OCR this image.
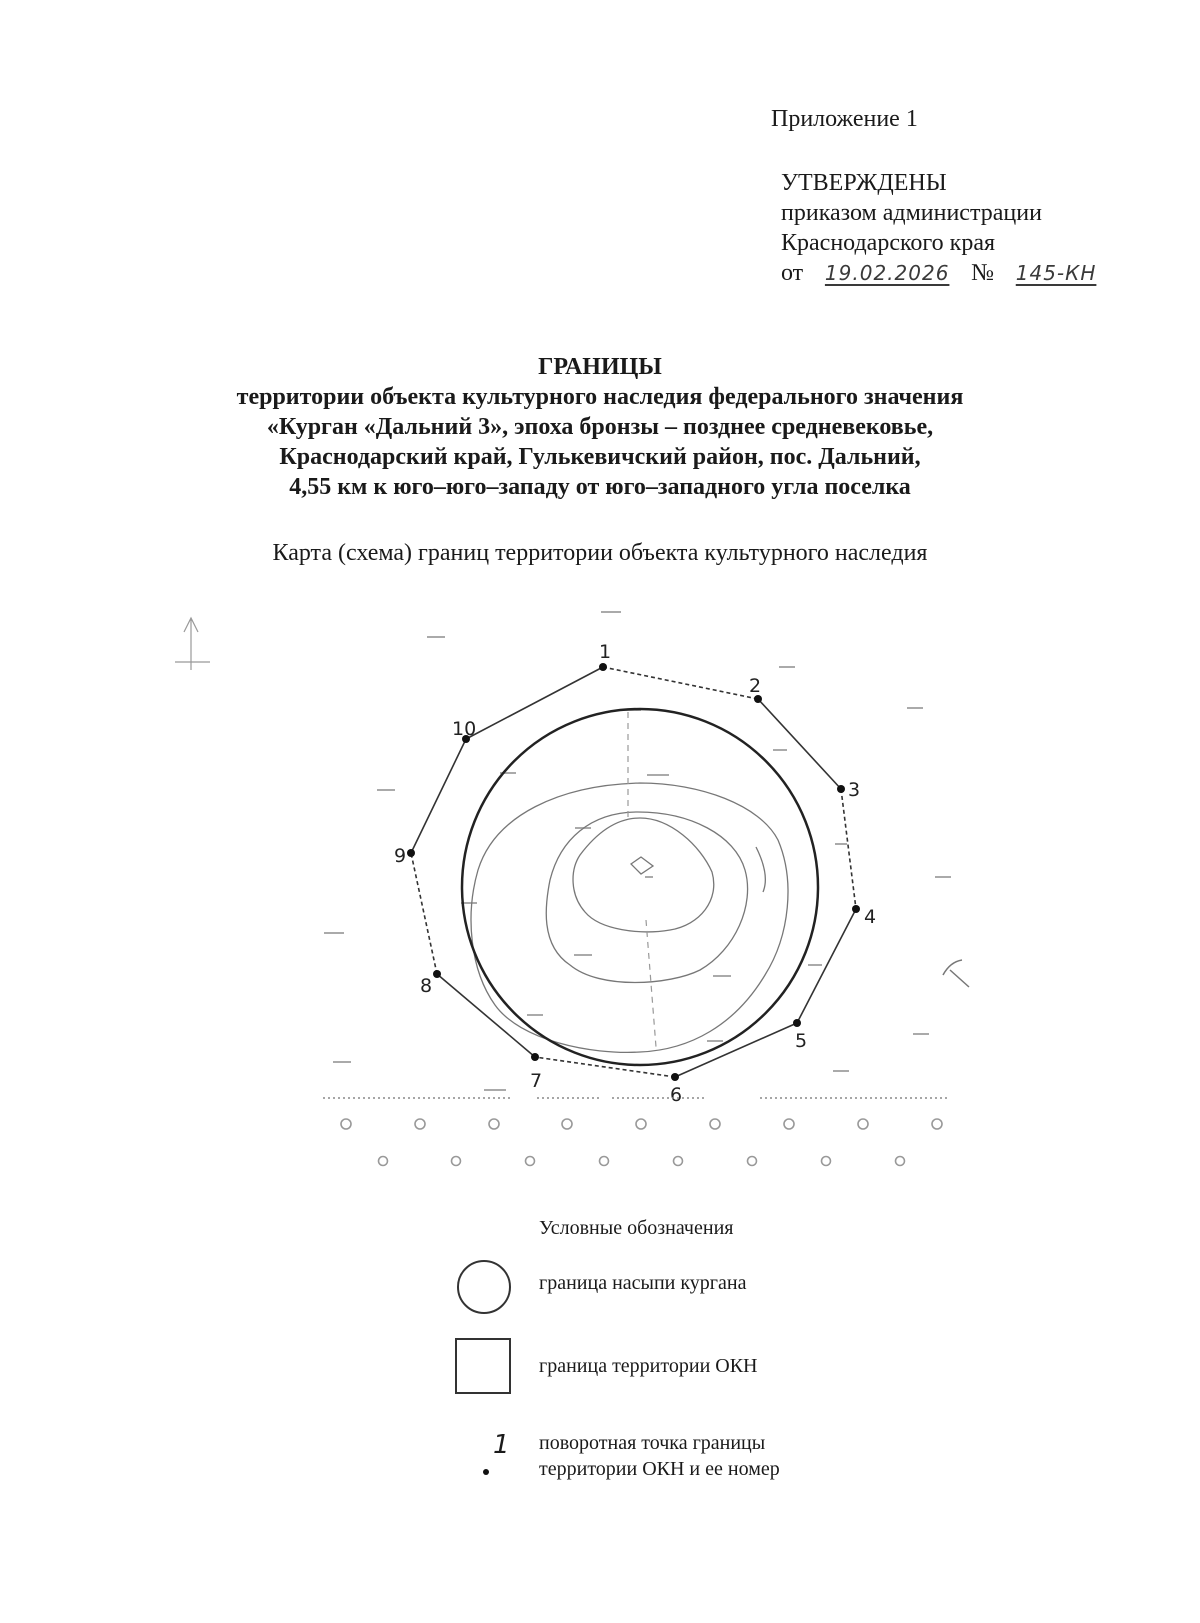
Приложение 1
УТВЕРЖДЕНЫ
приказом администрации
Краснодарского края
от 19.02.2026 № 145-КН
ГРАНИЦЫ
территории объекта культурного наследия федерального значения
«Курган «Дальний 3», эпоха бронзы – позднее средневековье,
Краснодарский край, Гулькевичский район, пос. Дальний,
4,55 км к юго–юго–западу от юго–западного угла поселка
Карта (схема) границ территории объекта культурного наследия
1
2
3
4
5
6
7
8
9
10
Условные обозначения
граница насыпи кургана
граница территории ОКН
1 поворотная точка границы
территории ОКН и ее номер
